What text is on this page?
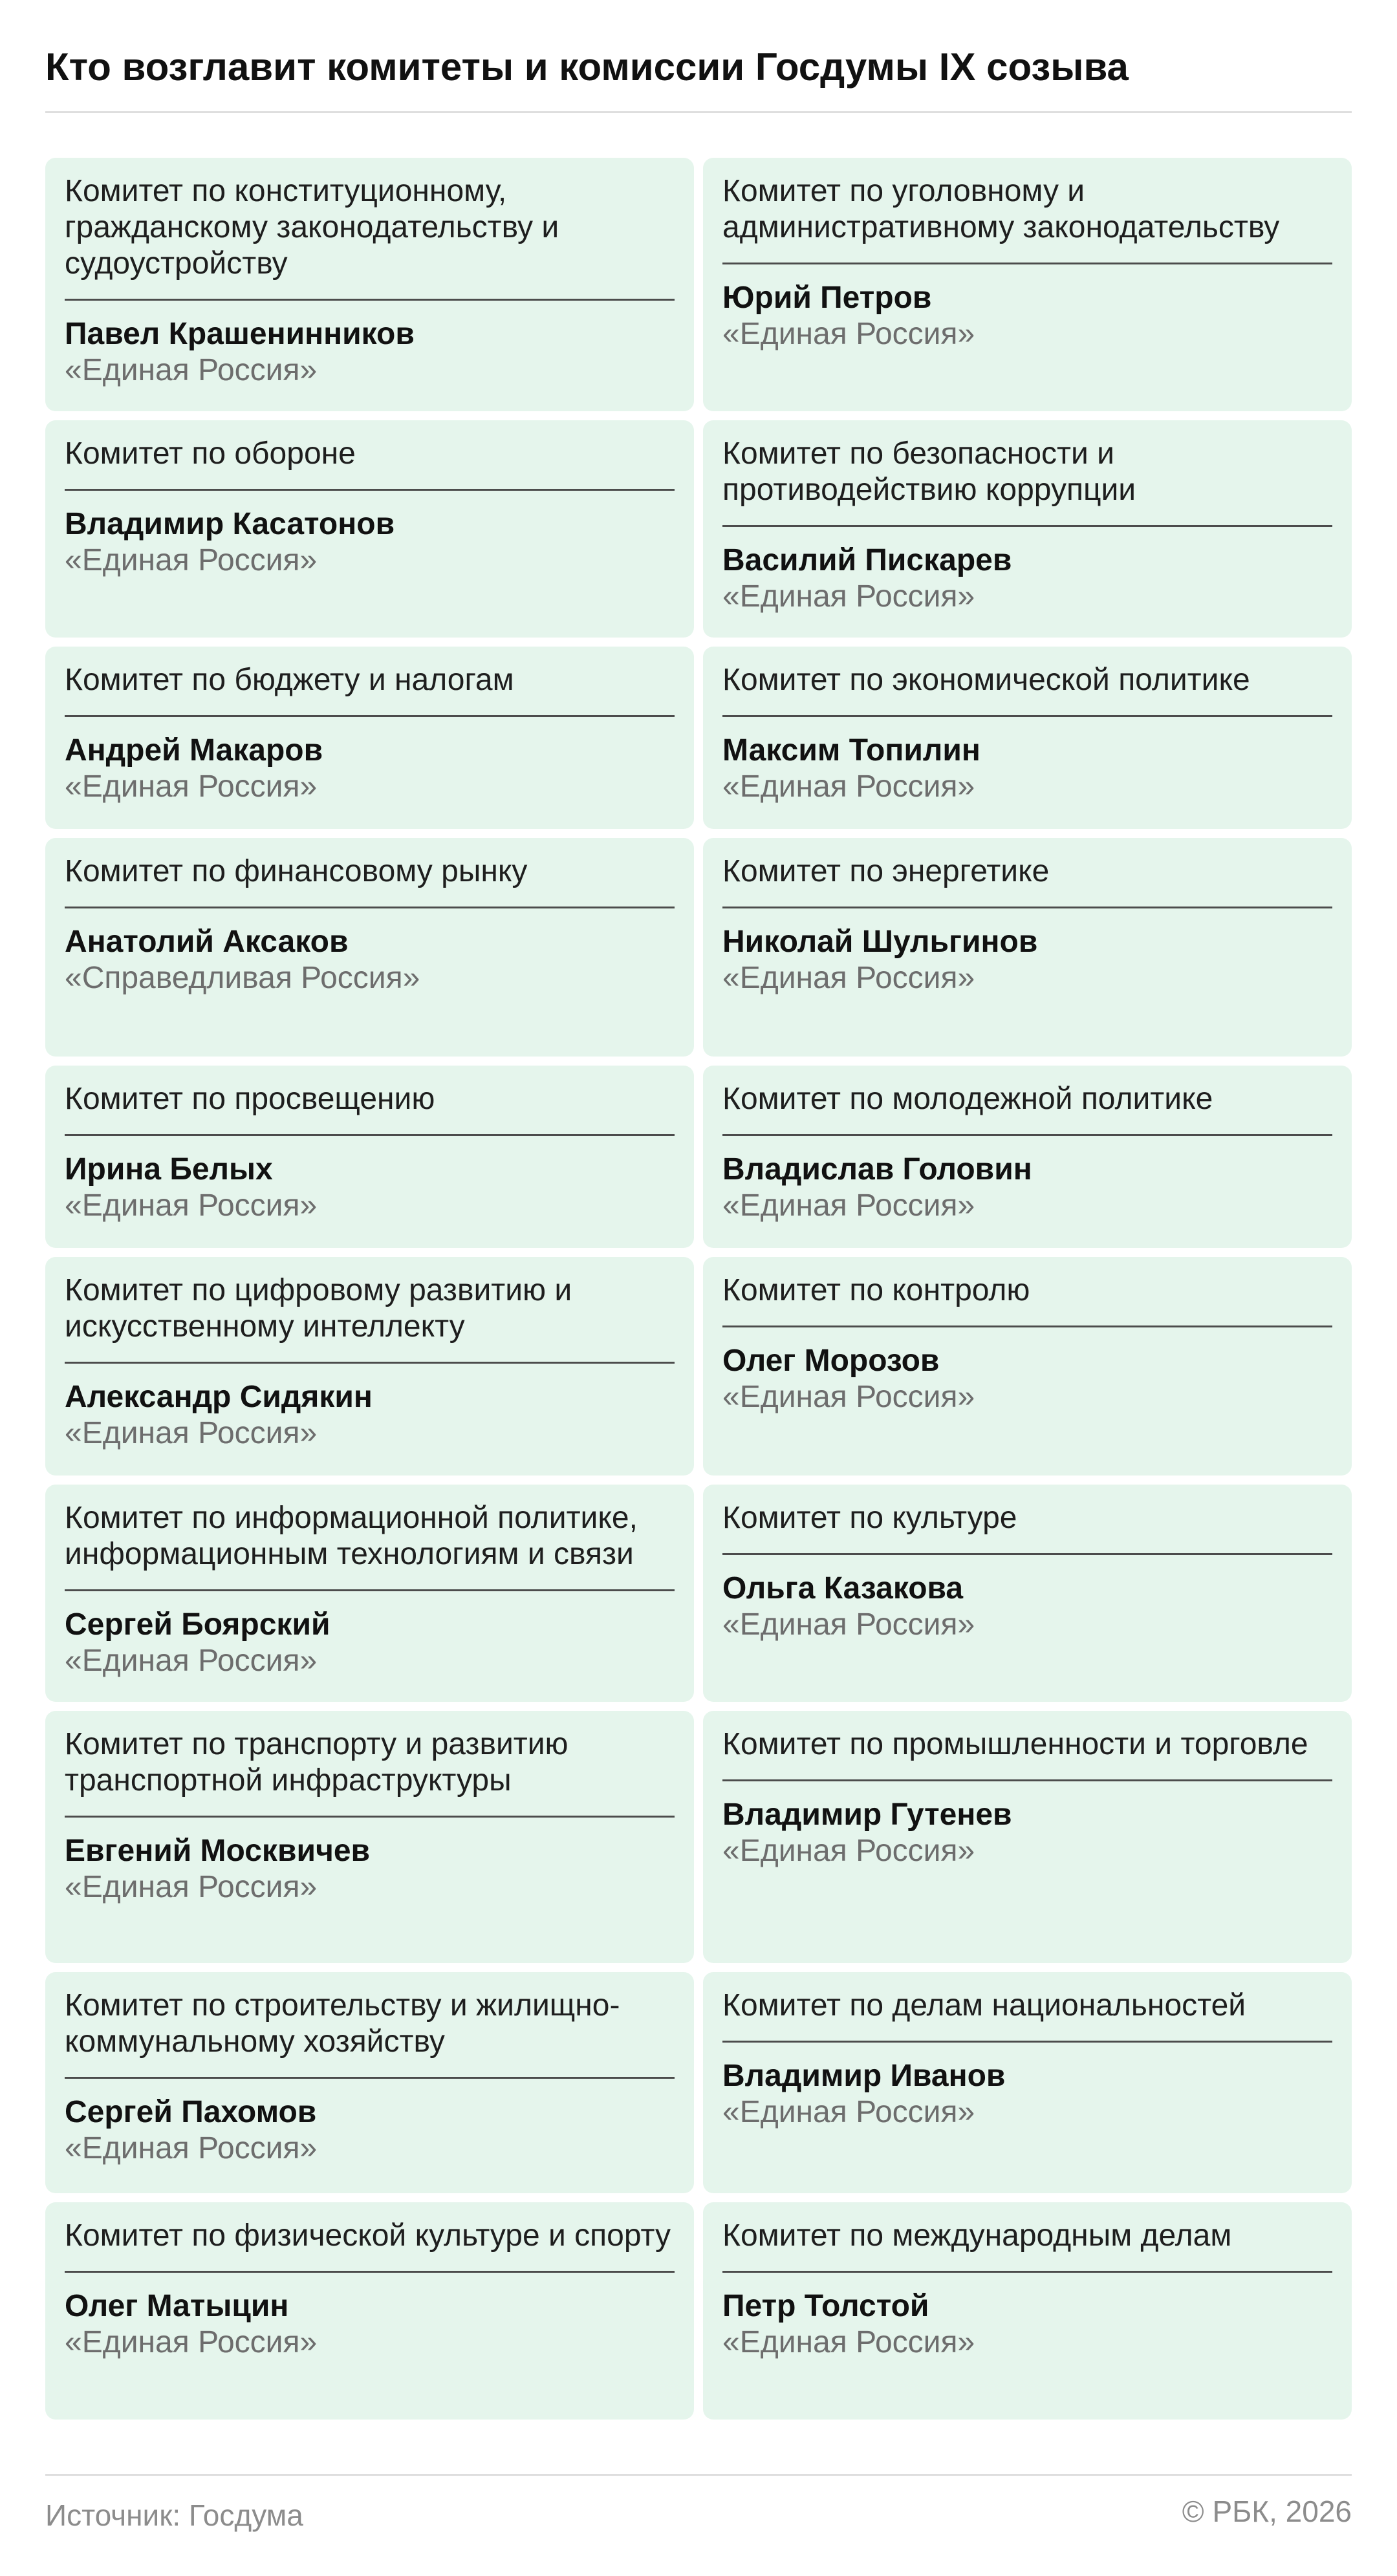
Кто возглавит комитеты и комиссии Госдумы IX созыва
Комитет по конституционному, гражданскому законодательству и судоустройству
Павел Крашенинников
«Единая Россия»
Комитет по уголовному и административному законодательству
Юрий Петров
«Единая Россия»
Комитет по обороне
Владимир Касатонов
«Единая Россия»
Комитет по безопасности и противодействию коррупции
Василий Пискарев
«Единая Россия»
Комитет по бюджету и налогам
Андрей Макаров
«Единая Россия»
Комитет по экономической политике
Максим Топилин
«Единая Россия»
Комитет по финансовому рынку
Анатолий Аксаков
«Справедливая Россия»
Комитет по энергетике
Николай Шульгинов
«Единая Россия»
Комитет по просвещению
Ирина Белых
«Единая Россия»
Комитет по молодежной политике
Владислав Головин
«Единая Россия»
Комитет по цифровому развитию и искусственному интеллекту
Александр Сидякин
«Единая Россия»
Комитет по контролю
Олег Морозов
«Единая Россия»
Комитет по информационной политике, информационным технологиям и связи
Сергей Боярский
«Единая Россия»
Комитет по культуре
Ольга Казакова
«Единая Россия»
Комитет по транспорту и развитию транспортной инфраструктуры
Евгений Москвичев
«Единая Россия»
Комитет по промышленности и торговле
Владимир Гутенев
«Единая Россия»
Комитет по строительству и жилищно-коммунальному хозяйству
Сергей Пахомов
«Единая Россия»
Комитет по делам национальностей
Владимир Иванов
«Единая Россия»
Комитет по физической культуре и спорту
Олег Матыцин
«Единая Россия»
Комитет по международным делам
Петр Толстой
«Единая Россия»
Источник: Госдума	© РБК, 2026
